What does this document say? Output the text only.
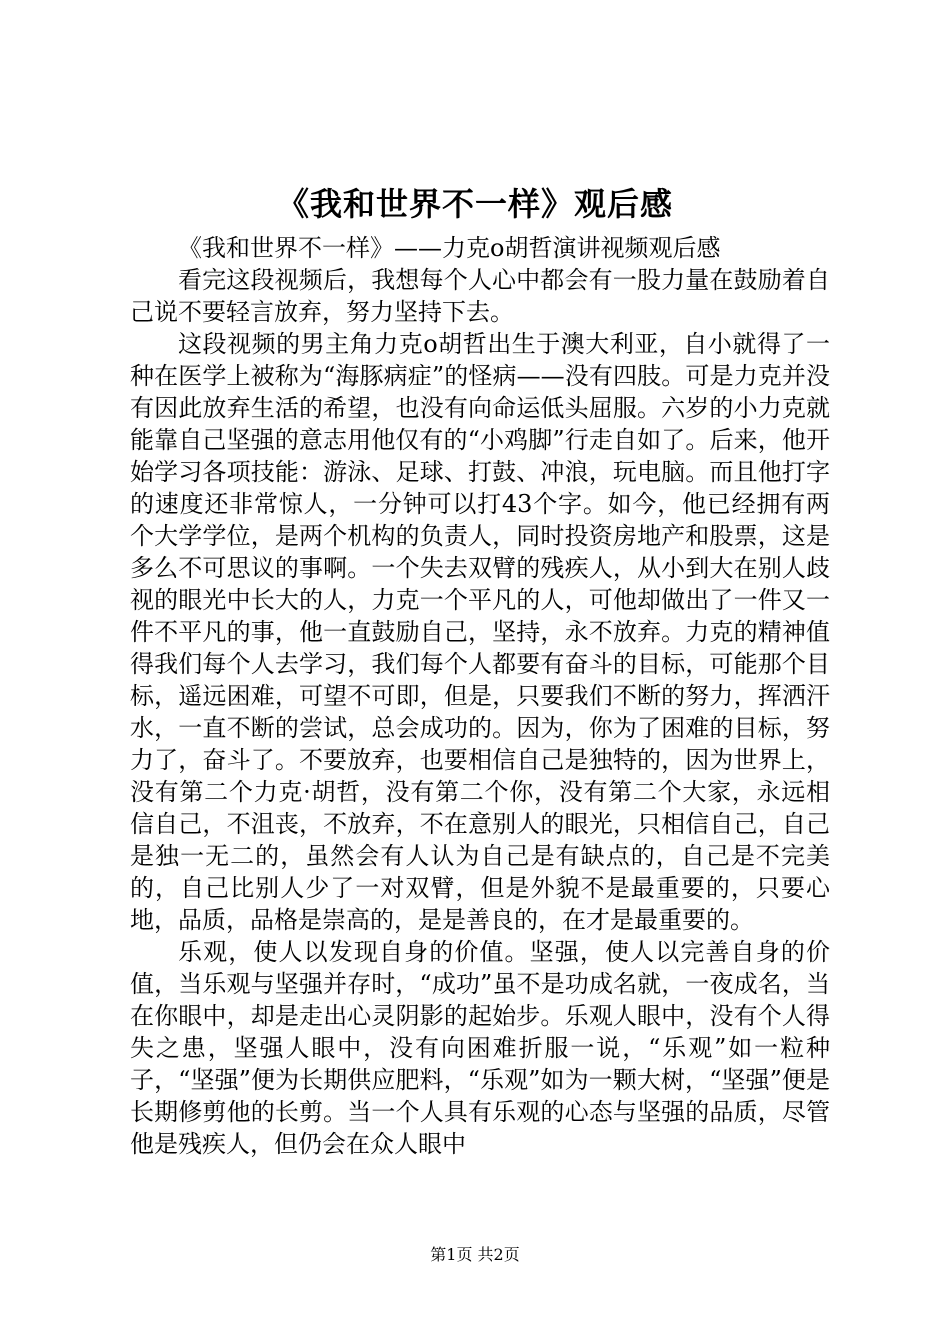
《我和世界不一样》观后感

《我和世界不一样》——力克o胡哲演讲视频观后感

看完这段视频后，我想每个人心中都会有一股力量在鼓励着自己说不要轻言放弃，努力坚持下去。

这段视频的男主角力克o胡哲出生于澳大利亚，自小就得了一种在医学上被称为“海豚病症”的怪病——没有四肢。可是力克并没有因此放弃生活的希望，也没有向命运低头屈服。六岁的小力克就能靠自己坚强的意志用他仅有的“小鸡脚”行走自如了。后来，他开始学习各项技能：游泳、足球、打鼓、冲浪，玩电脑。而且他打字的速度还非常惊人，一分钟可以打43个字。如今，他已经拥有两个大学学位，是两个机构的负责人，同时投资房地产和股票，这是多么不可思议的事啊。一个失去双臂的残疾人，从小到大在别人歧视的眼光中长大的人，力克一个平凡的人，可他却做出了一件又一件不平凡的事，他一直鼓励自己，坚持，永不放弃。力克的精神值得我们每个人去学习，我们每个人都要有奋斗的目标，可能那个目标，遥远困难，可望不可即，但是，只要我们不断的努力，挥洒汗水，一直不断的尝试，总会成功的。因为，你为了困难的目标，努力了，奋斗了。不要放弃，也要相信自己是独特的，因为世界上，没有第二个力克·胡哲，没有第二个你，没有第二个大家，永远相信自己，不沮丧，不放弃，不在意别人的眼光，只相信自己，自己是独一无二的，虽然会有人认为自己是有缺点的，自己是不完美的，自己比别人少了一对双臂，但是外貌不是最重要的，只要心地，品质，品格是崇高的，是是善良的，在才是最重要的。

乐观，使人以发现自身的价值。坚强，使人以完善自身的价值，当乐观与坚强并存时，“成功”虽不是功成名就，一夜成名，当在你眼中，却是走出心灵阴影的起始步。乐观人眼中，没有个人得失之患，坚强人眼中，没有向困难折服一说，“乐观”如一粒种子，“坚强”便为长期供应肥料，“乐观”如为一颗大树，“坚强”便是长期修剪他的长剪。当一个人具有乐观的心态与坚强的品质，尽管他是残疾人，但仍会在众人眼中

第1页 共2页
